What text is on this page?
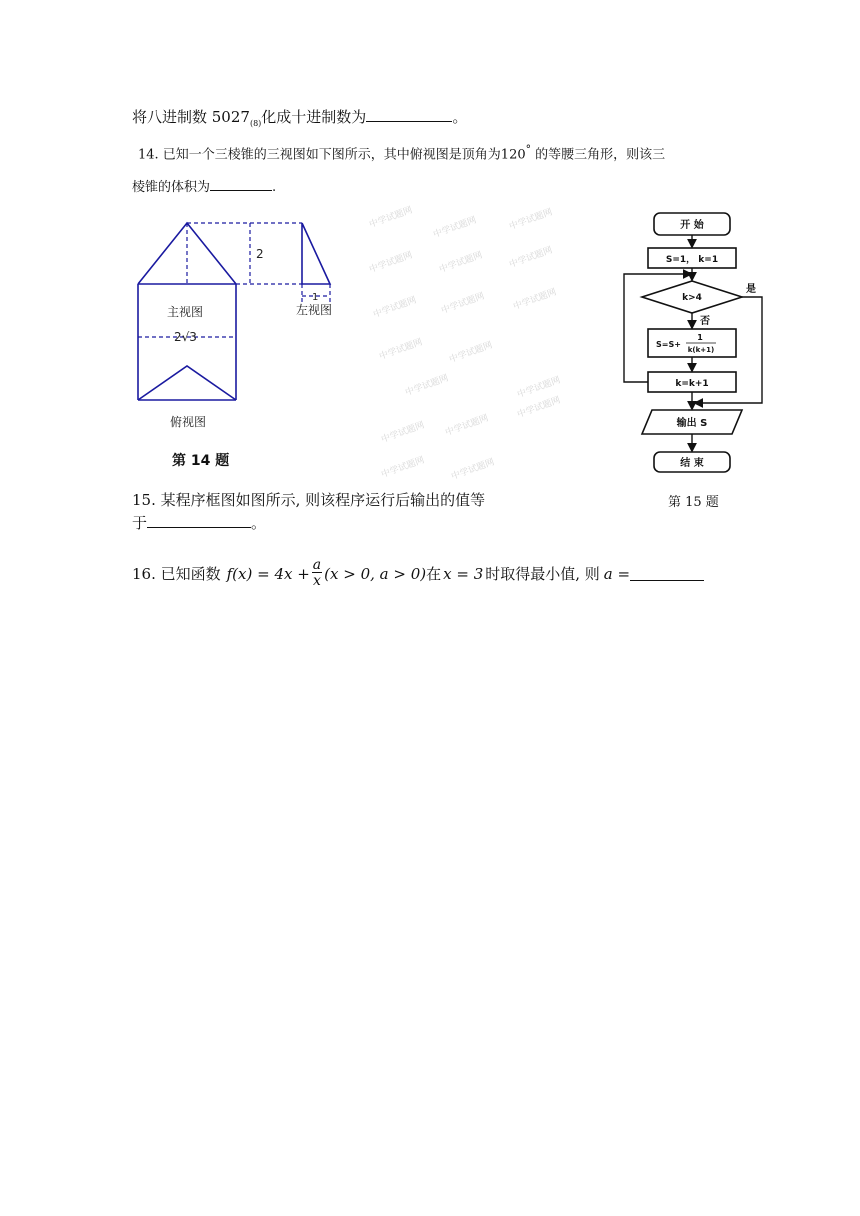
将八进制数 $5027_{(8)}$化成十进制数为	。
14. 已知一个三棱锥的三视图如下图所示，其中俯视图是顶角为120° 的等腰三角形，则该三
棱锥的体积为	.
2
主视图
2√3
1
左视图
俯视图
第 14 题
中学试题网 中学试题网	中学试题网
中学试题网	中学试题网	中学试题网
中学试题网 中学试题网	中学试题网
中学试题网	中学试题网
中学试题网	中学试题网
中学试题网 中学试题网
中学试题网
中学试题网	中学试题网
开 始
S=1， k=1
k>4
是
否
S=S+
1
k(k+1)
k=k+1
输出 S
结 束
15. 某程序框图如图所示, 则该程序运行后输出的值等	第 15 题
于	。
16. 已知函数 $f(x) = 4x + \frac{a}{x} (x > 0$, a > 0) 在 x = 3 时取得最小值, 则 a =
